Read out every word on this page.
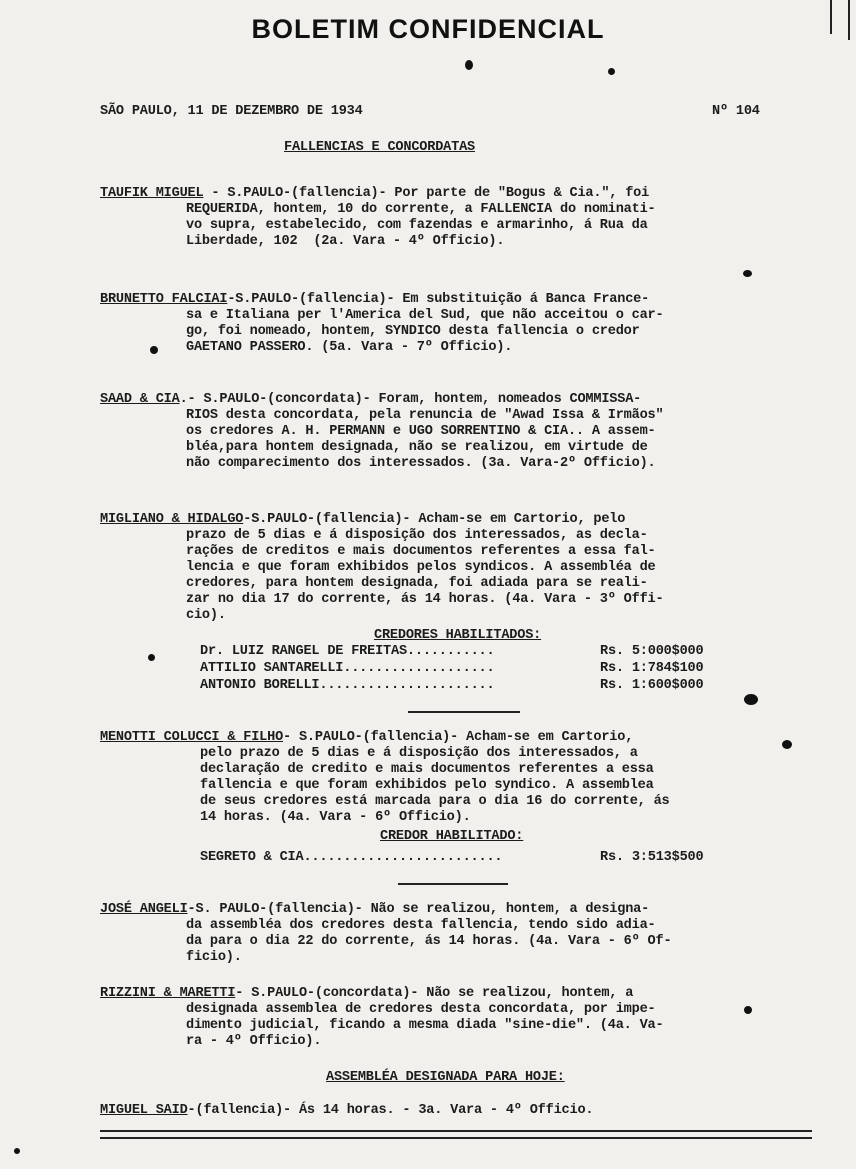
BOLETIM CONFIDENCIAL
SÃO PAULO, 11 DE DEZEMBRO DE 1934	Nº 104
FALLENCIAS E CONCORDATAS
TAUFIK MIGUEL - S.PAULO-(fallencia)- Por parte de "Bogus & Cia.", foi
REQUERIDA, hontem, 10 do corrente, a FALLENCIA do nominati-
vo supra, estabelecido, com fazendas e armarinho, á Rua da
Liberdade, 102  (2a. Vara - 4º Officio).
BRUNETTO FALCIAI-S.PAULO-(fallencia)- Em substituição á Banca France-
sa e Italiana per l'America del Sud, que não acceitou o car-
go, foi nomeado, hontem, SYNDICO desta fallencia o credor
GAETANO PASSERO. (5a. Vara - 7º Officio).
SAAD & CIA.- S.PAULO-(concordata)- Foram, hontem, nomeados COMMISSA-
RIOS desta concordata, pela renuncia de "Awad Issa & Irmãos"
os credores A. H. PERMANN e UGO SORRENTINO & CIA.. A assem-
bléa,para hontem designada, não se realizou, em virtude de
não comparecimento dos interessados. (3a. Vara-2º Officio).
MIGLIANO & HIDALGO-S.PAULO-(fallencia)- Acham-se em Cartorio, pelo
prazo de 5 dias e á disposição dos interessados, as decla-
rações de creditos e mais documentos referentes a essa fal-
lencia e que foram exhibidos pelos syndicos. A assembléa de
credores, para hontem designada, foi adiada para se reali-
zar no dia 17 do corrente, ás 14 horas. (4a. Vara - 3º Offi-
cio).
CREDORES HABILITADOS:
Dr. LUIZ RANGEL DE FREITAS...........	Rs. 5:000$000
ATTILIO SANTARELLI...................	Rs. 1:784$100
ANTONIO BORELLI......................	Rs. 1:600$000
MENOTTI COLUCCI & FILHO- S.PAULO-(fallencia)- Acham-se em Cartorio,
pelo prazo de 5 dias e á disposição dos interessados, a
declaração de credito e mais documentos referentes a essa
fallencia e que foram exhibidos pelo syndico. A assemblea
de seus credores está marcada para o dia 16 do corrente, ás
14 horas. (4a. Vara - 6º Officio).
CREDOR HABILITADO:
SEGRETO & CIA.........................	Rs. 3:513$500
JOSÉ ANGELI-S. PAULO-(fallencia)- Não se realizou, hontem, a designa-
da assembléa dos credores desta fallencia, tendo sido adia-
da para o dia 22 do corrente, ás 14 horas. (4a. Vara - 6º Of-
ficio).
RIZZINI & MARETTI- S.PAULO-(concordata)- Não se realizou, hontem, a
designada assemblea de credores desta concordata, por impe-
dimento judicial, ficando a mesma diada "sine-die". (4a. Va-
ra - 4º Officio).
ASSEMBLÉA DESIGNADA PARA HOJE:
MIGUEL SAID-(fallencia)- Ás 14 horas. - 3a. Vara - 4º Officio.
